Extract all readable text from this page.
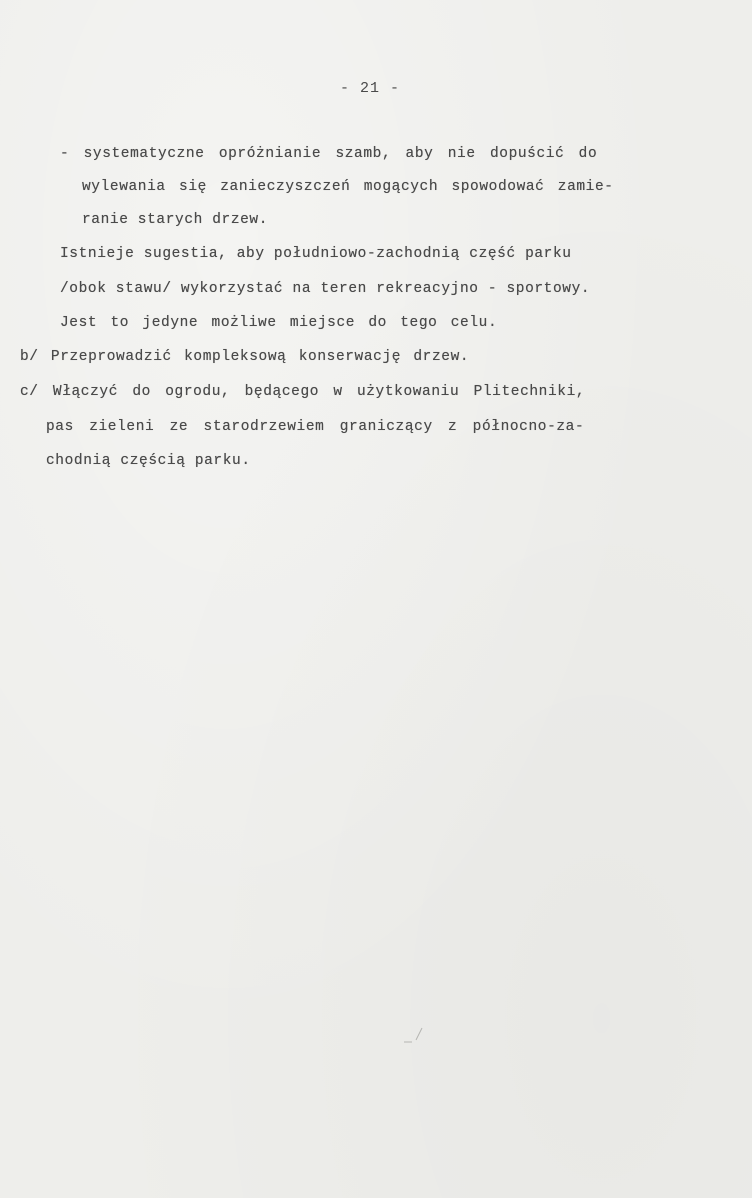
- 21 -
- systematyczne opróżnianie szamb, aby nie dopuścić do
wylewania się zanieczyszczeń mogących spowodować zamie-
ranie starych drzew.
Istnieje sugestia, aby południowo-zachodnią część parku
/obok stawu/ wykorzystać na teren rekreacyjno - sportowy.
Jest to jedyne możliwe miejsce do tego celu.
b/ Przeprowadzić kompleksową konserwację drzew.
c/ Włączyć do ogrodu, będącego w użytkowaniu Plitechniki,
pas zieleni ze starodrzewiem graniczący z północno-za-
chodnią częścią parku.
